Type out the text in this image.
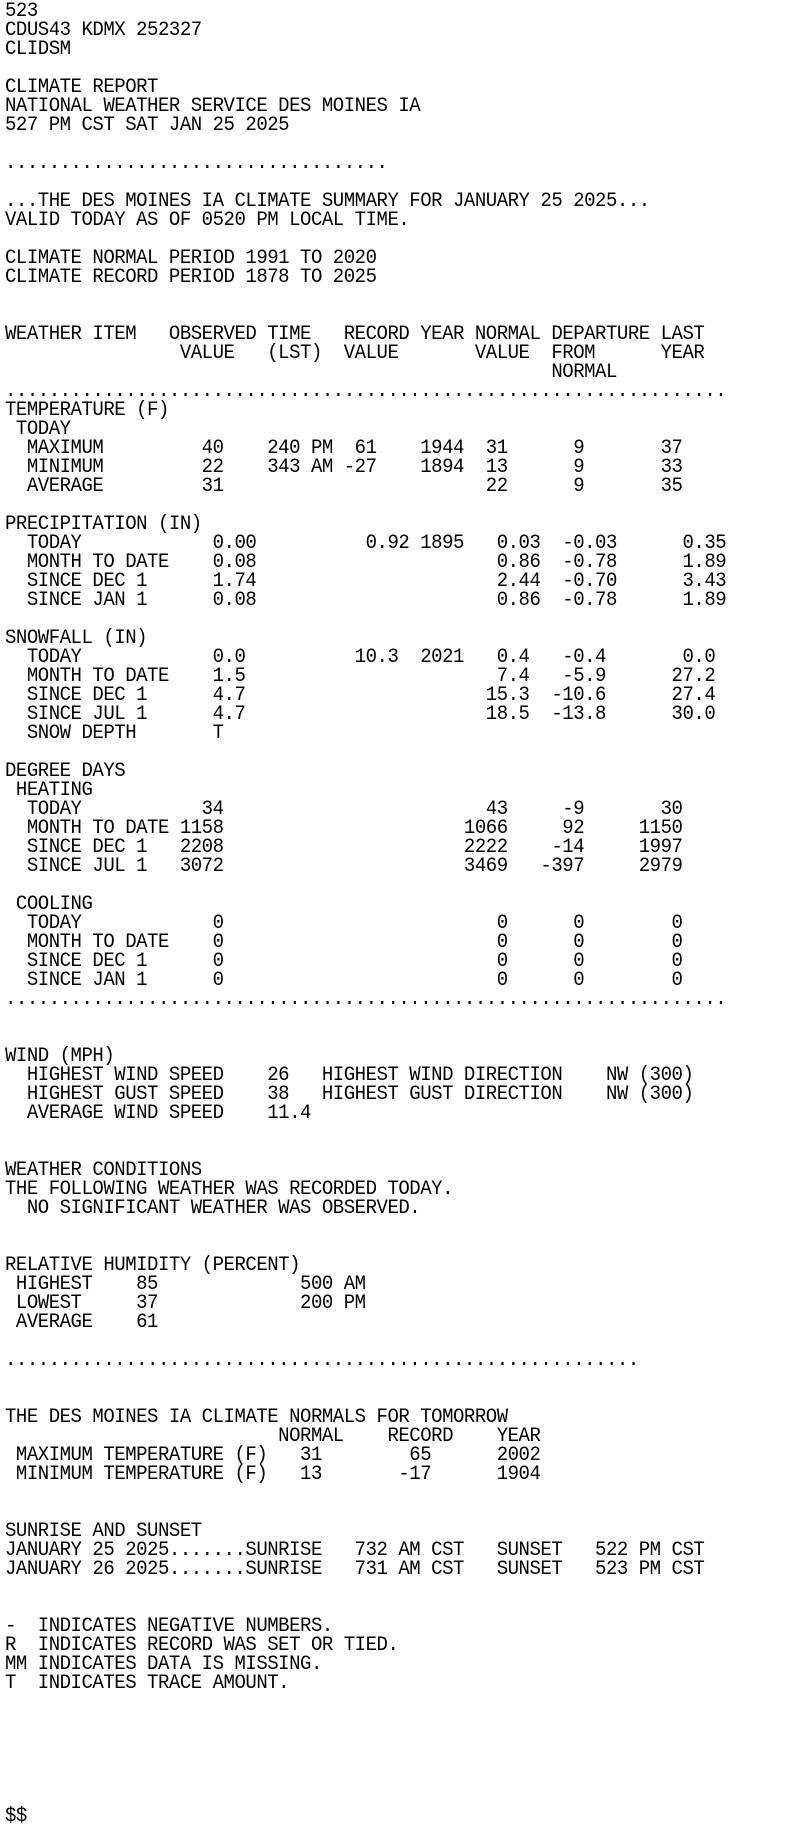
523
CDUS43 KDMX 252327
CLIDSM
CLIMATE REPORT
NATIONAL WEATHER SERVICE DES MOINES IA
527 PM CST SAT JAN 25 2025
...................................
...THE DES MOINES IA CLIMATE SUMMARY FOR JANUARY 25 2025...
VALID TODAY AS OF 0520 PM LOCAL TIME.
CLIMATE NORMAL PERIOD 1991 TO 2020
CLIMATE RECORD PERIOD 1878 TO 2025
WEATHER ITEM   OBSERVED TIME   RECORD YEAR NORMAL DEPARTURE LAST
VALUE   (LST)  VALUE       VALUE  FROM      YEAR
NORMAL
..................................................................
TEMPERATURE (F)
TODAY
MAXIMUM         40    240 PM  61    1944  31      9       37
MINIMUM         22    343 AM -27    1894  13      9       33
AVERAGE         31                        22      9       35
PRECIPITATION (IN)
TODAY            0.00          0.92 1895   0.03  -0.03      0.35
MONTH TO DATE    0.08                      0.86  -0.78      1.89
SINCE DEC 1      1.74                      2.44  -0.70      3.43
SINCE JAN 1      0.08                      0.86  -0.78      1.89
SNOWFALL (IN)
TODAY            0.0          10.3  2021   0.4   -0.4       0.0
MONTH TO DATE    1.5                       7.4   -5.9      27.2
SINCE DEC 1      4.7                      15.3  -10.6      27.4
SINCE JUL 1      4.7                      18.5  -13.8      30.0
SNOW DEPTH       T
DEGREE DAYS
HEATING
TODAY           34                        43     -9       30
MONTH TO DATE 1158                      1066     92     1150
SINCE DEC 1   2208                      2222    -14     1997
SINCE JUL 1   3072                      3469   -397     2979
COOLING
TODAY            0                         0      0        0
MONTH TO DATE    0                         0      0        0
SINCE DEC 1      0                         0      0        0
SINCE JAN 1      0                         0      0        0
..................................................................
WIND (MPH)
HIGHEST WIND SPEED    26   HIGHEST WIND DIRECTION    NW (300)
HIGHEST GUST SPEED    38   HIGHEST GUST DIRECTION    NW (300)
AVERAGE WIND SPEED    11.4
WEATHER CONDITIONS
THE FOLLOWING WEATHER WAS RECORDED TODAY.
NO SIGNIFICANT WEATHER WAS OBSERVED.
RELATIVE HUMIDITY (PERCENT)
HIGHEST    85             500 AM
LOWEST     37             200 PM
AVERAGE    61
..........................................................
THE DES MOINES IA CLIMATE NORMALS FOR TOMORROW
NORMAL    RECORD    YEAR
MAXIMUM TEMPERATURE (F)   31        65      2002
MINIMUM TEMPERATURE (F)   13       -17      1904
SUNRISE AND SUNSET
JANUARY 25 2025.......SUNRISE   732 AM CST   SUNSET   522 PM CST
JANUARY 26 2025.......SUNRISE   731 AM CST   SUNSET   523 PM CST
-  INDICATES NEGATIVE NUMBERS.
R  INDICATES RECORD WAS SET OR TIED.
MM INDICATES DATA IS MISSING.
T  INDICATES TRACE AMOUNT.
$$
